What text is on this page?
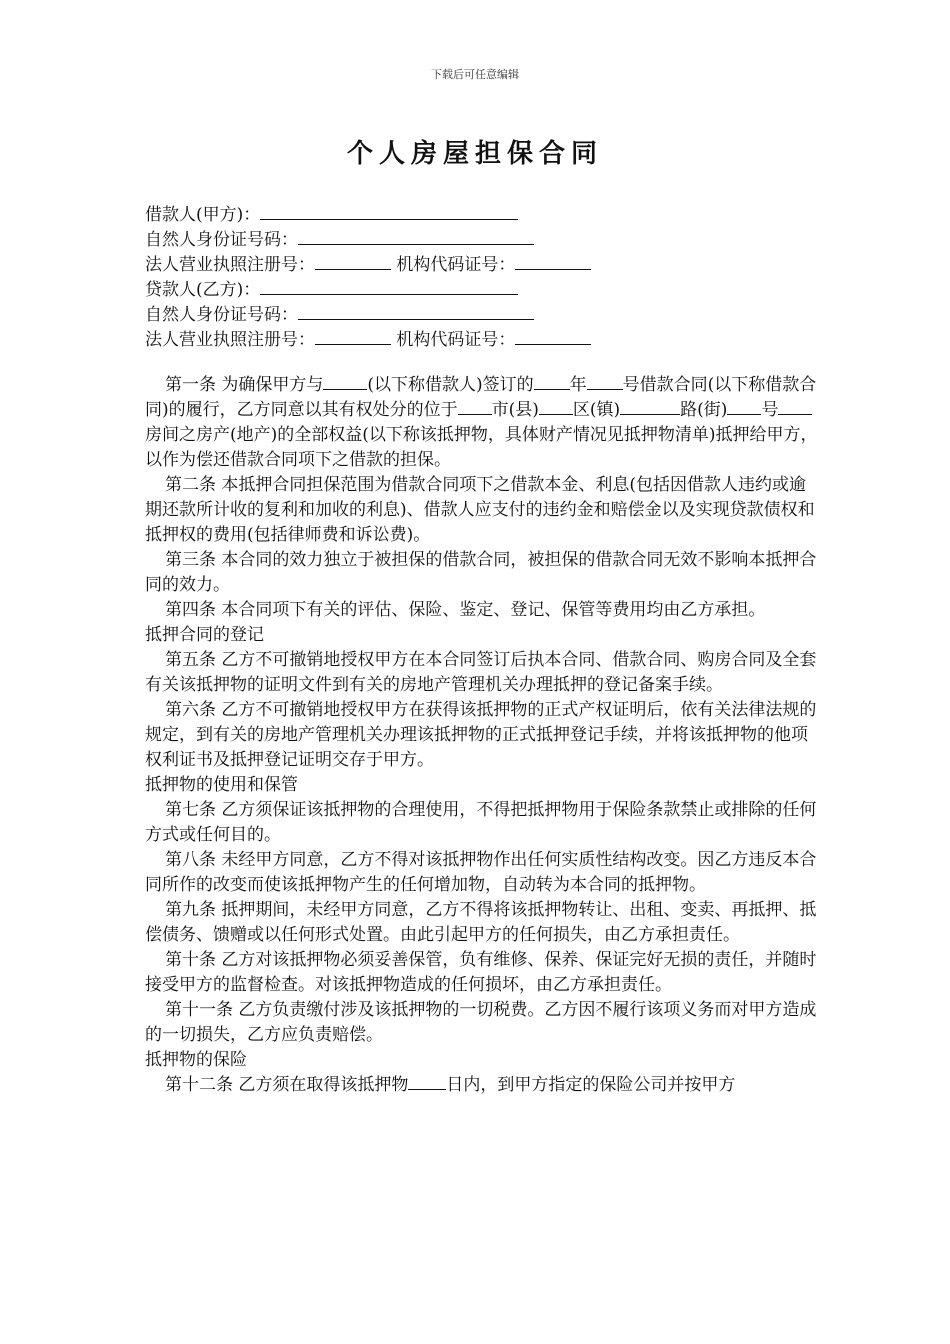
下载后可任意编辑
个人房屋担保合同
借款人(甲方)：
自然人身份证号码：
法人营业执照注册号：	机构代码证号：
贷款人(乙方)：
自然人身份证号码：
法人营业执照注册号：	机构代码证号：

第一条 为确保甲方与	(以下称借款人)签订的 年 号借款合同(以下称借款合同)的履行，乙方同意以其有权处分的位于 市(县) 区(镇)	路(街) 号房间之房产(地产)的全部权益(以下称该抵押物，具体财产情况见抵押物清单)抵押给甲方，以作为偿还借款合同项下之借款的担保。

第二条 本抵押合同担保范围为借款合同项下之借款本金、利息(包括因借款人违约或逾期还款所计收的复利和加收的利息)、借款人应支付的违约金和赔偿金以及实现贷款债权和抵押权的费用(包括律师费和诉讼费)。

第三条 本合同的效力独立于被担保的借款合同，被担保的借款合同无效不影响本抵押合同的效力。

第四条 本合同项下有关的评估、保险、鉴定、登记、保管等费用均由乙方承担。

抵押合同的登记

第五条 乙方不可撤销地授权甲方在本合同签订后执本合同、借款合同、购房合同及全套有关该抵押物的证明文件到有关的房地产管理机关办理抵押的登记备案手续。

第六条 乙方不可撤销地授权甲方在获得该抵押物的正式产权证明后，依有关法律法规的规定，到有关的房地产管理机关办理该抵押物的正式抵押登记手续，并将该抵押物的他项权利证书及抵押登记证明交存于甲方。

抵押物的使用和保管

第七条 乙方须保证该抵押物的合理使用，不得把抵押物用于保险条款禁止或排除的任何方式或任何目的。

第八条 未经甲方同意，乙方不得对该抵押物作出任何实质性结构改变。因乙方违反本合同所作的改变而使该抵押物产生的任何增加物，自动转为本合同的抵押物。

第九条 抵押期间，未经甲方同意，乙方不得将该抵押物转让、出租、变卖、再抵押、抵偿债务、馈赠或以任何形式处置。由此引起甲方的任何损失，由乙方承担责任。

第十条 乙方对该抵押物必须妥善保管，负有维修、保养、保证完好无损的责任，并随时接受甲方的监督检查。对该抵押物造成的任何损坏，由乙方承担责任。

第十一条 乙方负责缴付涉及该抵押物的一切税费。乙方因不履行该项义务而对甲方造成的一切损失，乙方应负责赔偿。

抵押物的保险

第十二条 乙方须在取得该抵押物 日内，到甲方指定的保险公司并按甲方
